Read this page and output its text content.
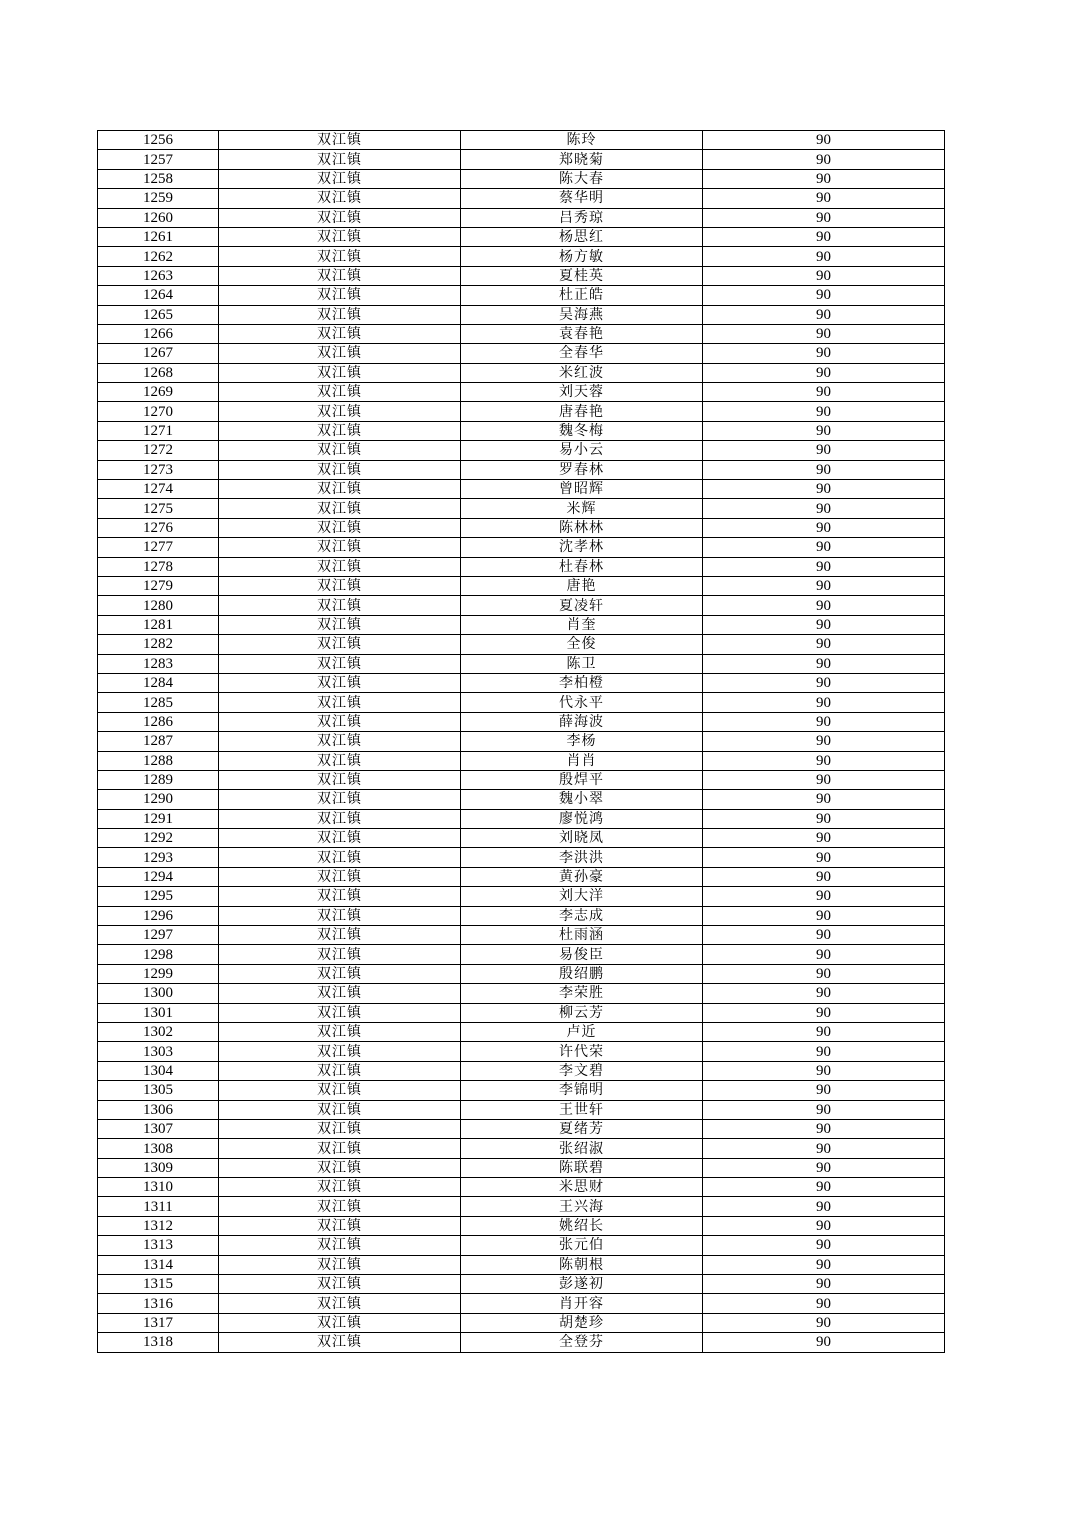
1256	双江镇	陈玲	90
1257	双江镇	郑晓菊	90
1258	双江镇	陈大春	90
1259	双江镇	蔡华明	90
1260	双江镇	吕秀琼	90
1261	双江镇	杨思红	90
1262	双江镇	杨方敏	90
1263	双江镇	夏桂英	90
1264	双江镇	杜正皓	90
1265	双江镇	吴海燕	90
1266	双江镇	袁春艳	90
1267	双江镇	全春华	90
1268	双江镇	米红波	90
1269	双江镇	刘天蓉	90
1270	双江镇	唐春艳	90
1271	双江镇	魏冬梅	90
1272	双江镇	易小云	90
1273	双江镇	罗春林	90
1274	双江镇	曾昭辉	90
1275	双江镇	米辉	90
1276	双江镇	陈林林	90
1277	双江镇	沈孝林	90
1278	双江镇	杜春林	90
1279	双江镇	唐艳	90
1280	双江镇	夏凌轩	90
1281	双江镇	肖奎	90
1282	双江镇	全俊	90
1283	双江镇	陈卫	90
1284	双江镇	李柏橙	90
1285	双江镇	代永平	90
1286	双江镇	薛海波	90
1287	双江镇	李杨	90
1288	双江镇	肖肖	90
1289	双江镇	殷焊平	90
1290	双江镇	魏小翠	90
1291	双江镇	廖悦鸿	90
1292	双江镇	刘晓凤	90
1293	双江镇	李洪洪	90
1294	双江镇	黄孙豪	90
1295	双江镇	刘大洋	90
1296	双江镇	李志成	90
1297	双江镇	杜雨涵	90
1298	双江镇	易俊臣	90
1299	双江镇	殷绍鹏	90
1300	双江镇	李荣胜	90
1301	双江镇	柳云芳	90
1302	双江镇	卢近	90
1303	双江镇	许代荣	90
1304	双江镇	李文碧	90
1305	双江镇	李锦明	90
1306	双江镇	王世轩	90
1307	双江镇	夏绪芳	90
1308	双江镇	张绍淑	90
1309	双江镇	陈联碧	90
1310	双江镇	米思财	90
1311	双江镇	王兴海	90
1312	双江镇	姚绍长	90
1313	双江镇	张元伯	90
1314	双江镇	陈朝根	90
1315	双江镇	彭遂初	90
1316	双江镇	肖开容	90
1317	双江镇	胡楚珍	90
1318	双江镇	全登芬	90
